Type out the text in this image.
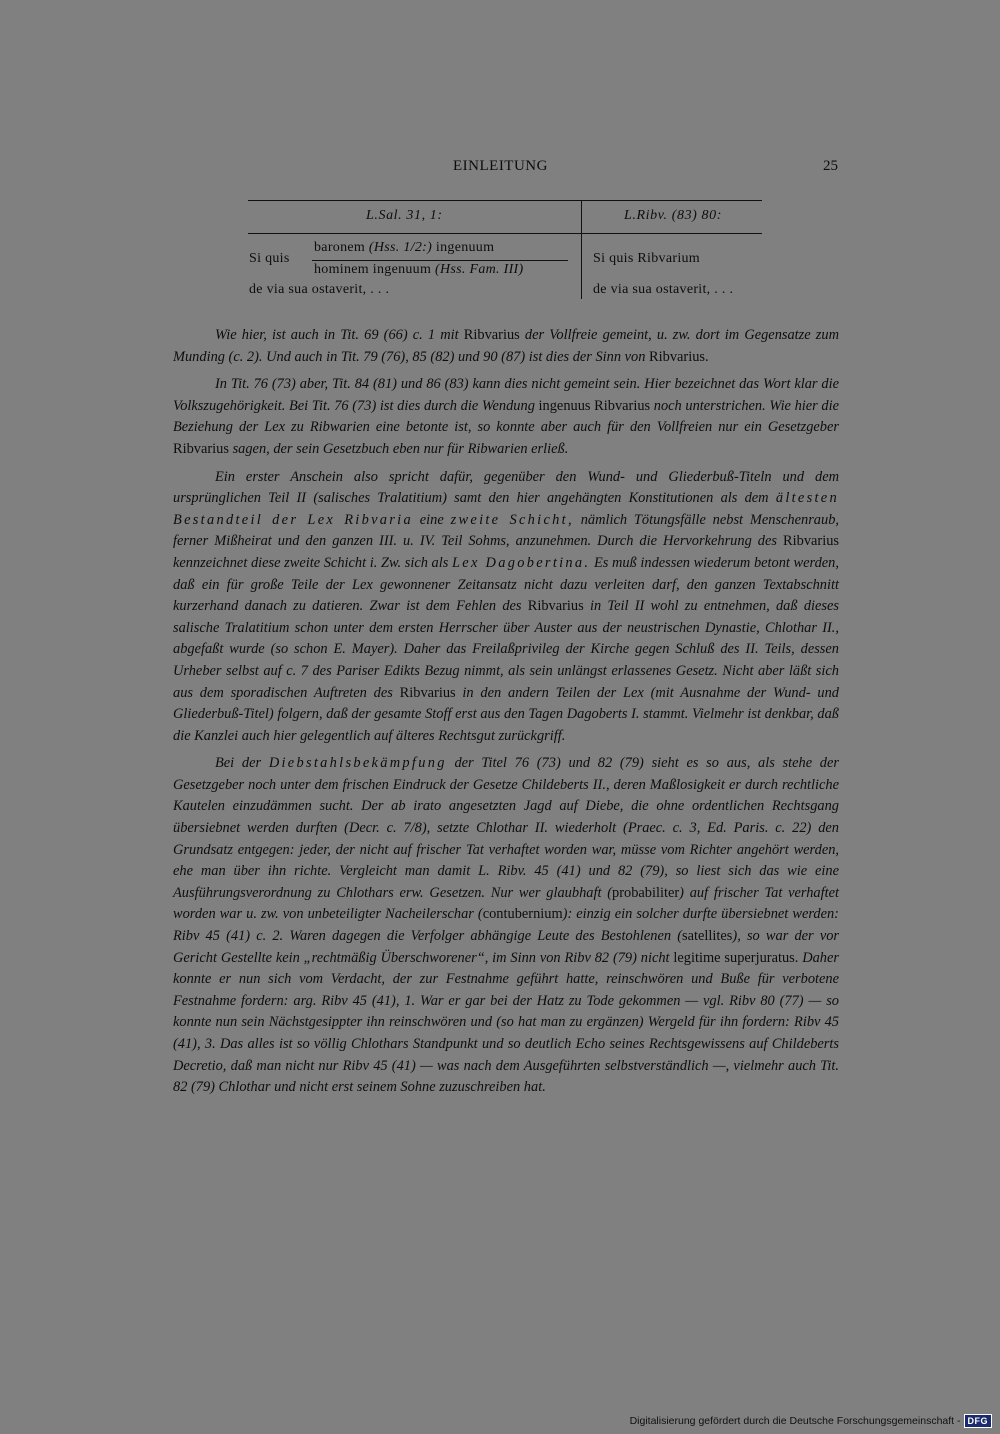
EINLEITUNG	25
L.Sal. 31, 1:	L.Ribv. (83) 80:
Si quis
baronem (Hss. 1/2:) ingenuum
hominem ingenuum (Hss. Fam. III)
de via sua ostaverit, . . .
Si quis Ribvarium
de via sua ostaverit, . . .

Wie hier, ist auch in Tit. 69 (66) c. 1 mit Ribvarius der Vollfreie gemeint, u. zw. dort im Gegensatze zum Munding (c. 2). Und auch in Tit. 79 (76), 85 (82) und 90 (87) ist dies der Sinn von Ribvarius.

In Tit. 76 (73) aber, Tit. 84 (81) und 86 (83) kann dies nicht gemeint sein. Hier bezeichnet das Wort klar die Volkszugehörigkeit. Bei Tit. 76 (73) ist dies durch die Wendung ingenuus Ribvarius noch unterstrichen. Wie hier die Beziehung der Lex zu Ribwarien eine betonte ist, so konnte aber auch für den Vollfreien nur ein Gesetzgeber Ribvarius sagen, der sein Gesetzbuch eben nur für Ribwarien erließ.

Ein erster Anschein also spricht dafür, gegenüber den Wund- und Gliederbuß-Titeln und dem ursprünglichen Teil II (salisches Tralatitium) samt den hier angehängten Konstitutionen als dem ältesten Bestandteil der Lex Ribvaria eine zweite Schicht, nämlich Tötungsfälle nebst Menschenraub, ferner Mißheirat und den ganzen III. u. IV. Teil Sohms, anzunehmen. Durch die Hervorkehrung des Ribvarius kennzeichnet diese zweite Schicht i. Zw. sich als Lex Dagobertina. Es muß indessen wiederum betont werden, daß ein für große Teile der Lex gewonnener Zeitansatz nicht dazu verleiten darf, den ganzen Textabschnitt kurzerhand danach zu datieren. Zwar ist dem Fehlen des Ribvarius in Teil II wohl zu entnehmen, daß dieses salische Tralatitium schon unter dem ersten Herrscher über Auster aus der neustrischen Dynastie, Chlothar II., abgefaßt wurde (so schon E. Mayer). Daher das Freilaßprivileg der Kirche gegen Schluß des II. Teils, dessen Urheber selbst auf c. 7 des Pariser Edikts Bezug nimmt, als sein unlängst erlassenes Gesetz. Nicht aber läßt sich aus dem sporadischen Auftreten des Ribvarius in den andern Teilen der Lex (mit Ausnahme der Wund- und Gliederbuß-Titel) folgern, daß der gesamte Stoff erst aus den Tagen Dagoberts I. stammt. Vielmehr ist denkbar, daß die Kanzlei auch hier gelegentlich auf älteres Rechtsgut zurückgriff.

Bei der Diebstahlsbekämpfung der Titel 76 (73) und 82 (79) sieht es so aus, als stehe der Gesetzgeber noch unter dem frischen Eindruck der Gesetze Childeberts II., deren Maßlosigkeit er durch rechtliche Kautelen einzudämmen sucht. Der ab irato angesetzten Jagd auf Diebe, die ohne ordentlichen Rechtsgang übersiebnet werden durften (Decr. c. 7/8), setzte Chlothar II. wiederholt (Praec. c. 3, Ed. Paris. c. 22) den Grundsatz entgegen: jeder, der nicht auf frischer Tat verhaftet worden war, müsse vom Richter angehört werden, ehe man über ihn richte. Vergleicht man damit L. Ribv. 45 (41) und 82 (79), so liest sich das wie eine Ausführungsverordnung zu Chlothars erw. Gesetzen. Nur wer glaubhaft (probabiliter) auf frischer Tat verhaftet worden war u. zw. von unbeteiligter Nacheilerschar (contubernium): einzig ein solcher durfte übersiebnet werden: Ribv 45 (41) c. 2. Waren dagegen die Verfolger abhängige Leute des Bestohlenen (satellites), so war der vor Gericht Gestellte kein „rechtmäßig Überschworener“, im Sinn von Ribv 82 (79) nicht legitime superjuratus. Daher konnte er nun sich vom Verdacht, der zur Festnahme geführt hatte, reinschwören und Buße für verbotene Festnahme fordern: arg. Ribv 45 (41), 1. War er gar bei der Hatz zu Tode gekommen — vgl. Ribv 80 (77) — so konnte nun sein Nächstgesippter ihn reinschwören und (so hat man zu ergänzen) Wergeld für ihn fordern: Ribv 45 (41), 3. Das alles ist so völlig Chlothars Standpunkt und so deutlich Echo seines Rechtsgewissens auf Childeberts Decretio, daß man nicht nur Ribv 45 (41) — was nach dem Ausgeführten selbstverständlich —, vielmehr auch Tit. 82 (79) Chlothar und nicht erst seinem Sohne zuzuschreiben hat.

Digitalisierung gefördert durch die Deutsche Forschungsgemeinschaft - DFG
